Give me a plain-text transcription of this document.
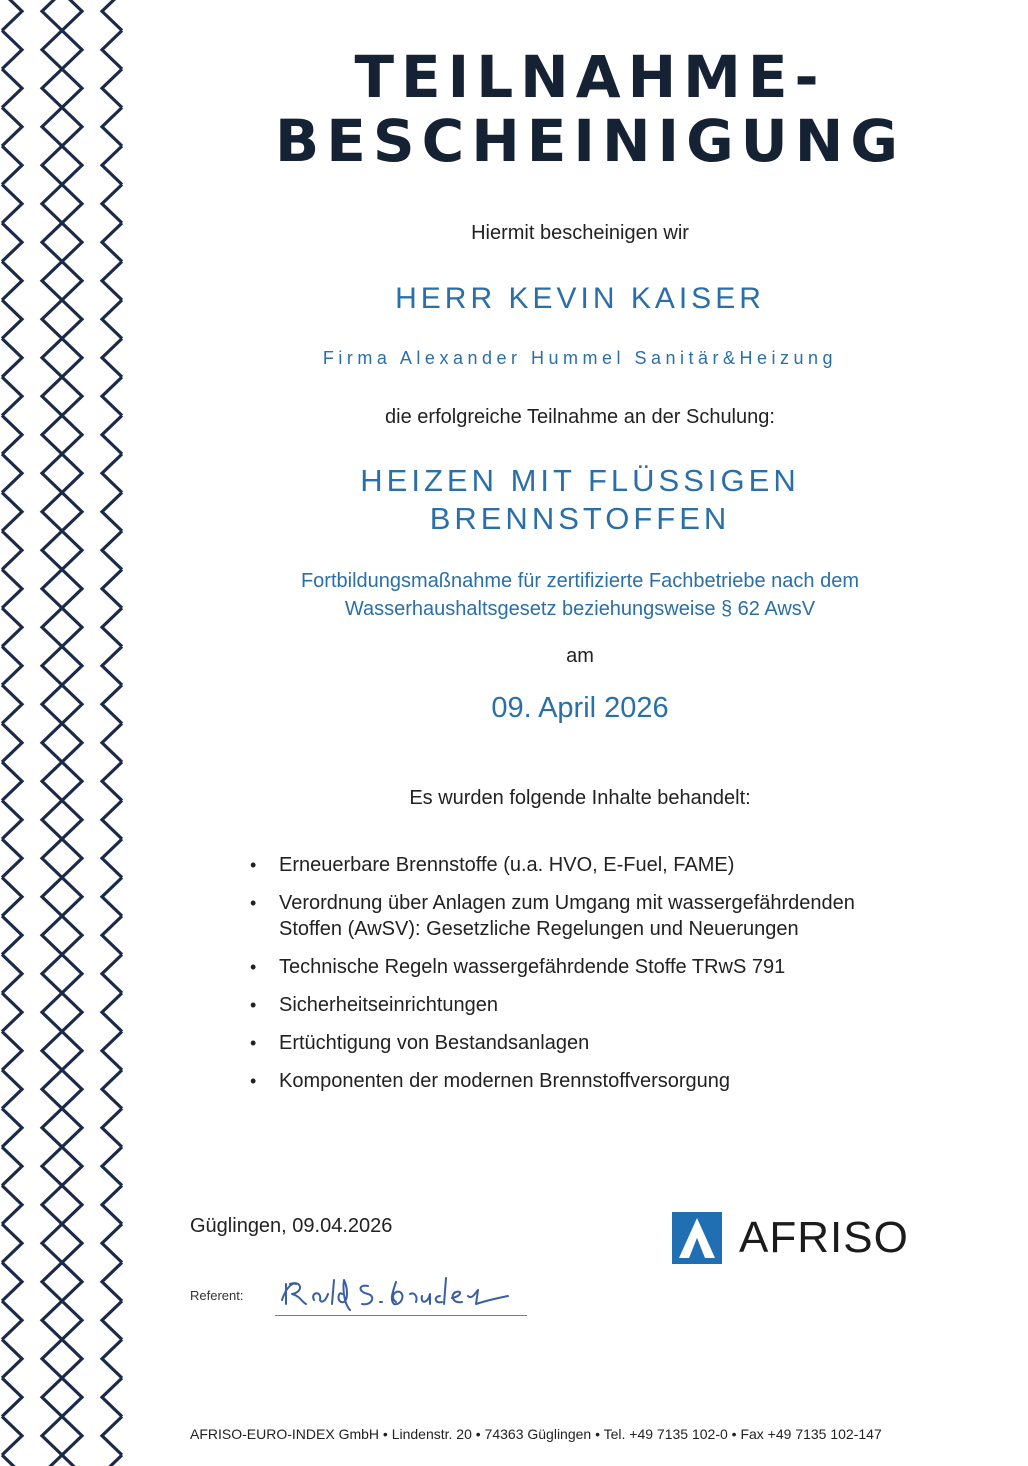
TEILNAHME-
BESCHEINIGUNG

Hiermit bescheinigen wir

HERR KEVIN KAISER

Firma Alexander Hummel Sanitär&Heizung

die erfolgreiche Teilnahme an der Schulung:

HEIZEN MIT FLÜSSIGEN
BRENNSTOFFEN

Fortbildungsmaßnahme für zertifizierte Fachbetriebe nach dem
Wasserhaushaltsgesetz beziehungsweise § 62 AwsV

am

09. April 2026

Es wurden folgende Inhalte behandelt:

• Erneuerbare Brennstoffe (u.a. HVO, E-Fuel, FAME)
• Verordnung über Anlagen zum Umgang mit wassergefährdenden
Stoffen (AwSV): Gesetzliche Regelungen und Neuerungen
• Technische Regeln wassergefährdende Stoffe TRwS 791
• Sicherheitseinrichtungen
• Ertüchtigung von Bestandsanlagen
• Komponenten der modernen Brennstoffversorgung
Güglingen, 09.04.2026
Referent:
AFRISO
AFRISO-EURO-INDEX GmbH • Lindenstr. 20 • 74363 Güglingen • Tel. +49 7135 102-0 • Fax +49 7135 102-147
